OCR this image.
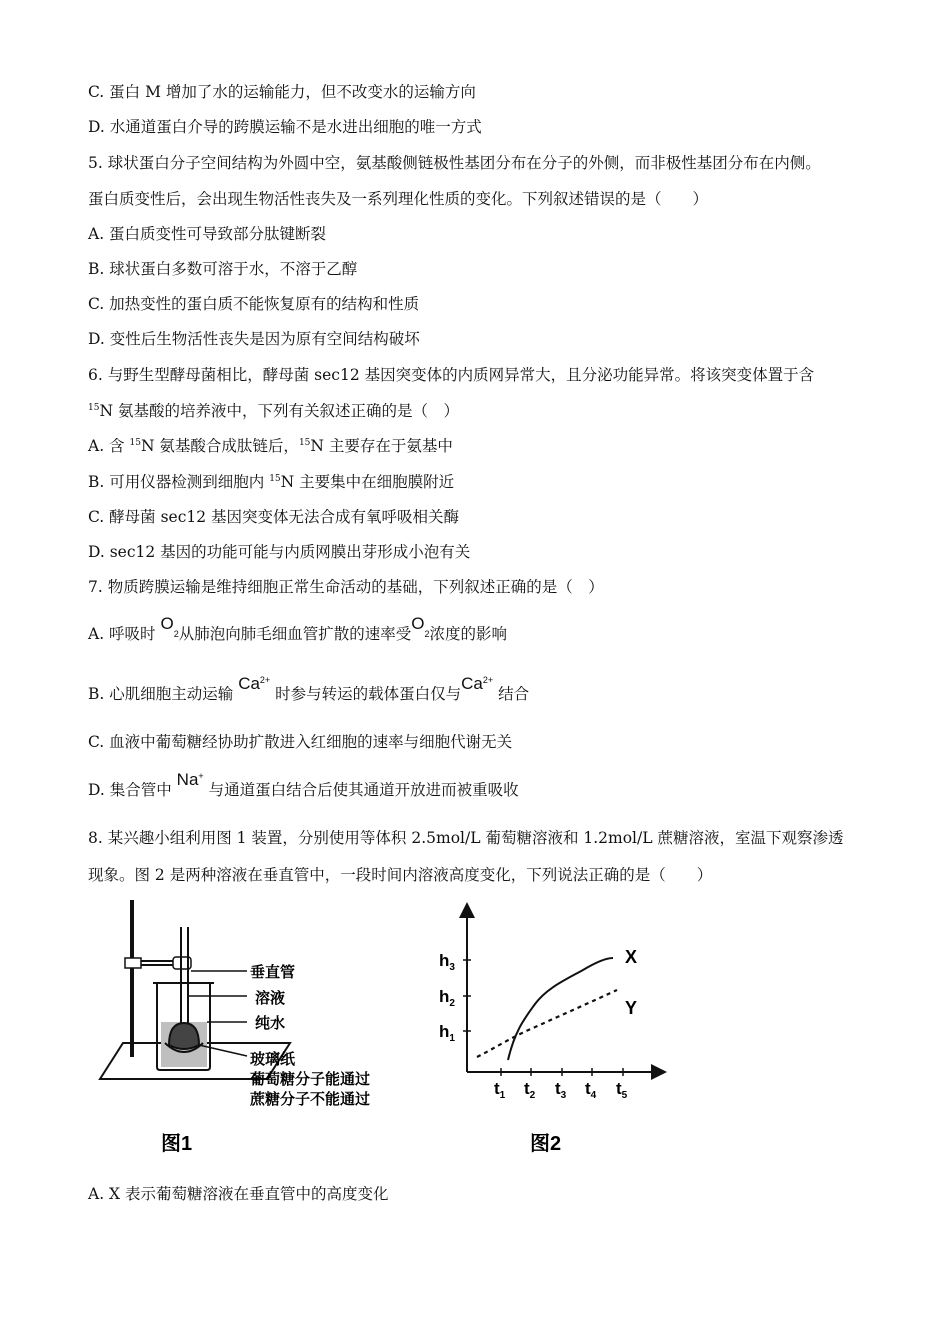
C. 蛋白 M 增加了水的运输能力，但不改变水的运输方向
D. 水通道蛋白介导的跨膜运输不是水进出细胞的唯一方式
5. 球状蛋白分子空间结构为外圆中空，氨基酸侧链极性基团分布在分子的外侧，而非极性基团分布在内侧。
蛋白质变性后，会出现生物活性丧失及一系列理化性质的变化。下列叙述错误的是（　　）
A. 蛋白质变性可导致部分肽键断裂
B. 球状蛋白多数可溶于水，不溶于乙醇
C. 加热变性的蛋白质不能恢复原有的结构和性质
D. 变性后生物活性丧失是因为原有空间结构破坏
6. 与野生型酵母菌相比，酵母菌 sec12 基因突变体的内质网异常大，且分泌功能异常。将该突变体置于含
$^{15}$N 氨基酸的培养液中，下列有关叙述正确的是（　）
A. 含 $^{15}$N 氨基酸合成肽链后，$^{15}$N 主要存在于氨基中
B. 可用仪器检测到细胞内 $^{15}$N 主要集中在细胞膜附近
C. 酵母菌 sec12 基因突变体无法合成有氧呼吸相关酶
D. sec12 基因的功能可能与内质网膜出芽形成小泡有关
7. 物质跨膜运输是维持细胞正常生命活动的基础，下列叙述正确的是（　）
A. 呼吸时 O2从肺泡向肺毛细血管扩散的速率受O2浓度的影响
B. 心肌细胞主动运输 $Ca^{2+}$ 时参与转运的载体蛋白仅与$Ca^{2+}$ 结合
C. 血液中葡萄糖经协助扩散进入红细胞的速率与细胞代谢无关
D. 集合管中 Na+ 与通道蛋白结合后使其通道开放进而被重吸收
8. 某兴趣小组利用图 1 装置，分别使用等体积 2.5mol/L 葡萄糖溶液和 1.2mol/L 蔗糖溶液，室温下观察渗透
现象。图 2 是两种溶液在垂直管中，一段时间内溶液高度变化，下列说法正确的是（　　）
垂直管
溶液
纯水
玻璃纸
葡萄糖分子能通过
蔗糖分子不能通过
图1
$h_3$
$h_2$
$h_1$
$t_1$ $t_2$ $t_3$ $t_4$ $t_5$
X
Y
图2
A. X 表示葡萄糖溶液在垂直管中的高度变化
